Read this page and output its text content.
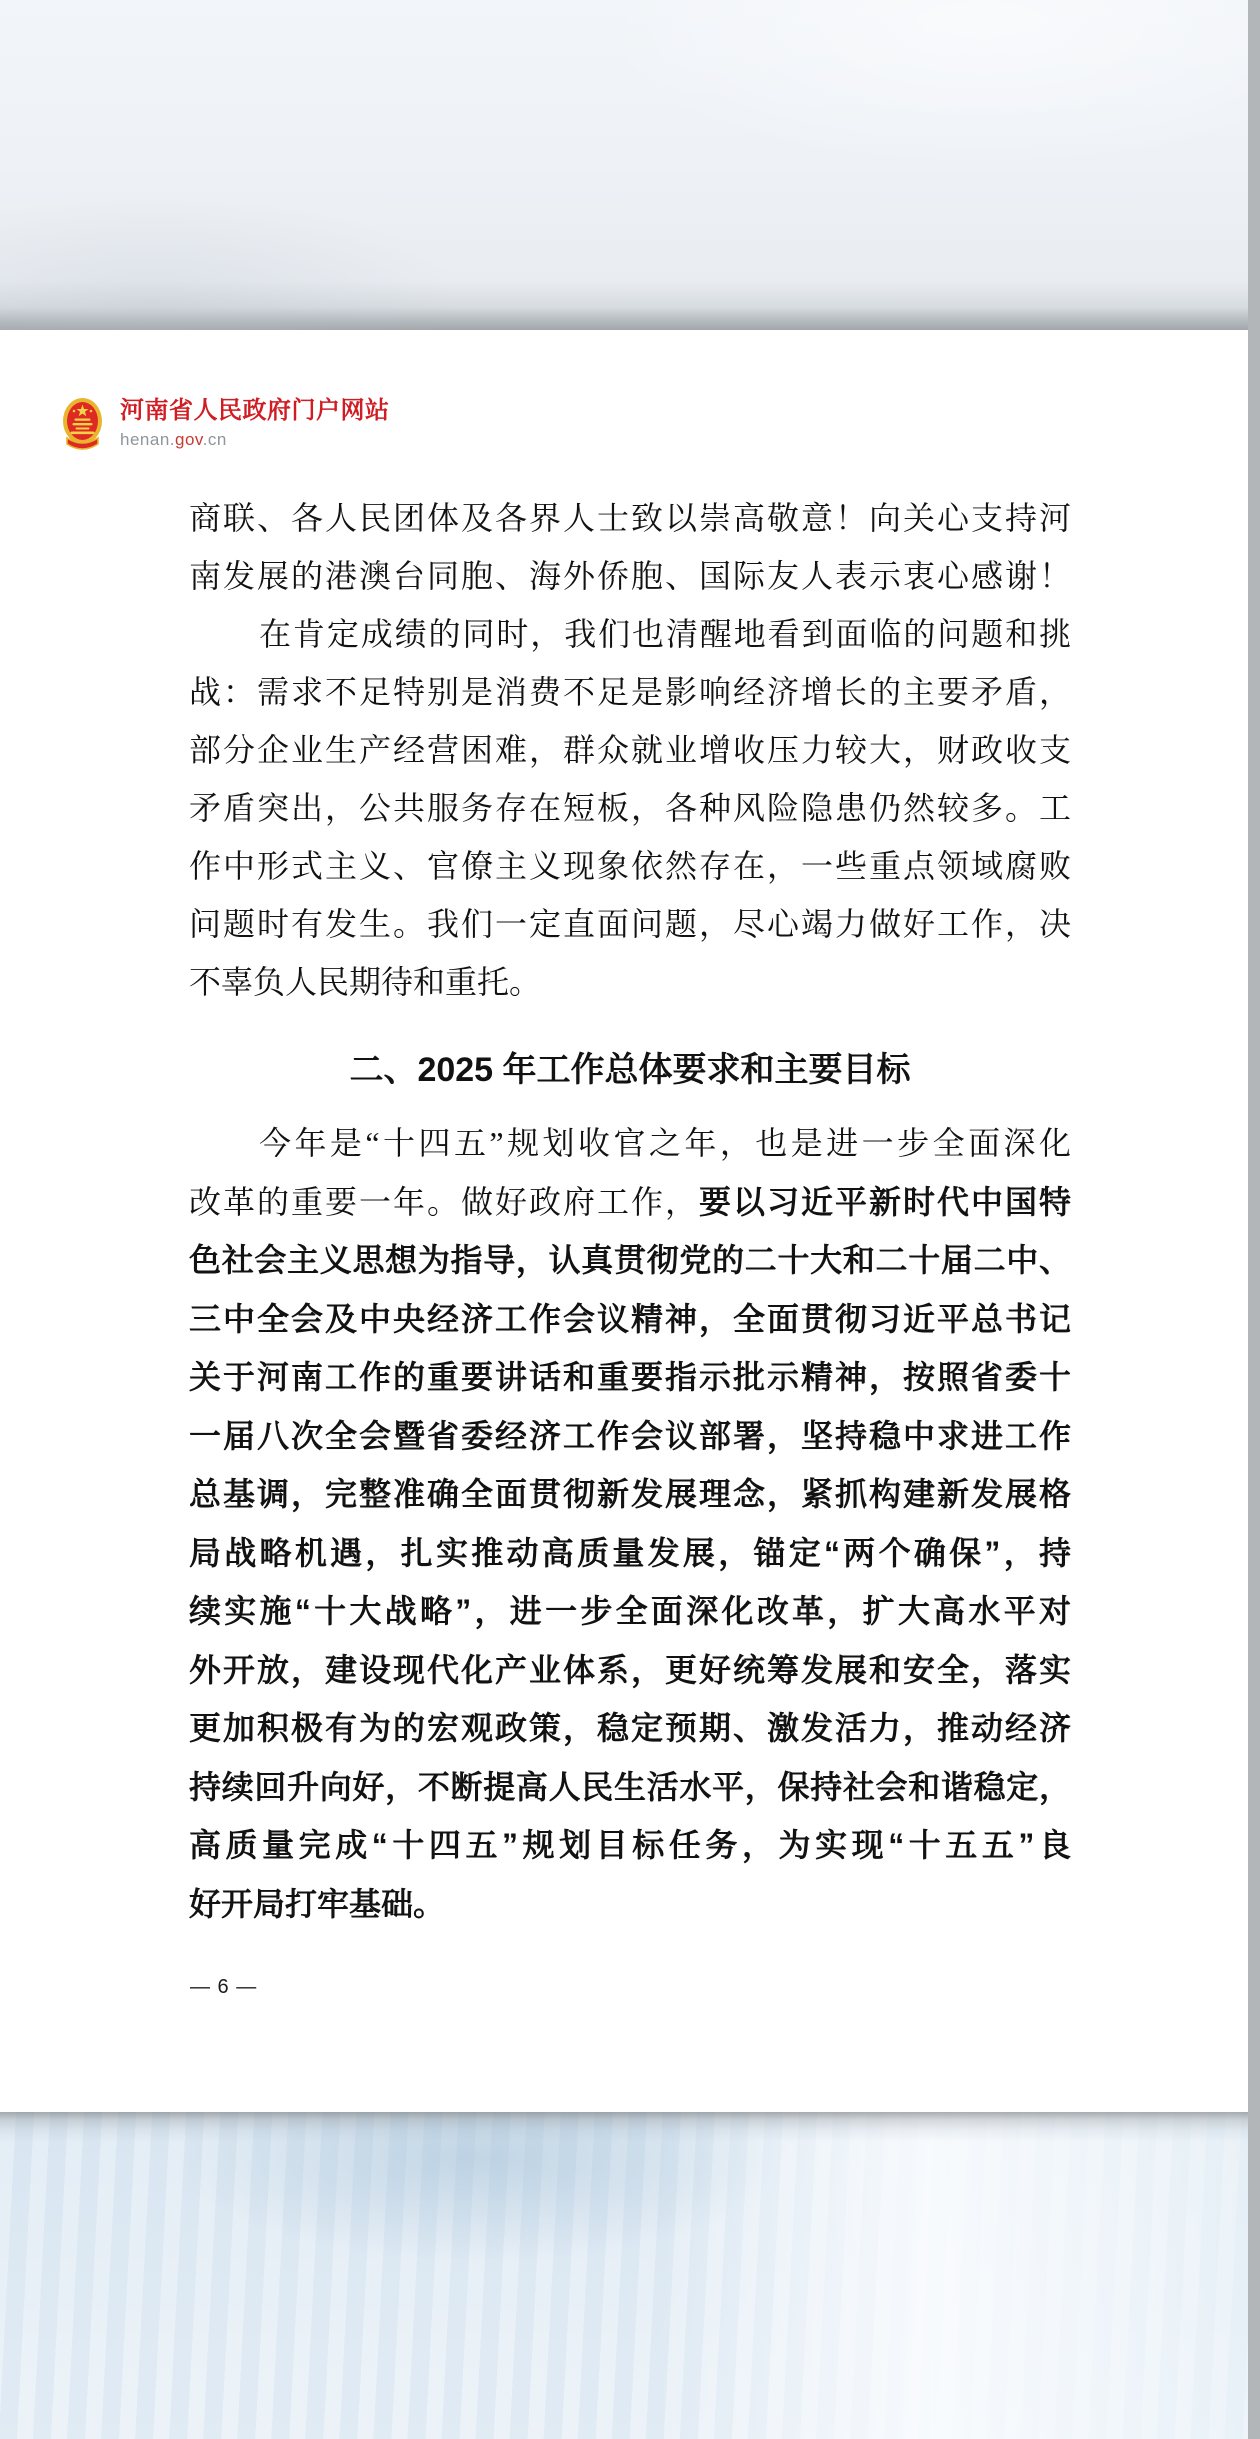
河南省人民政府门户网站
henan.gov.cn
商联、各人民团体及各界人士致以崇高敬意！向关心支持河
南发展的港澳台同胞、海外侨胞、国际友人表示衷心感谢！
在肯定成绩的同时，我们也清醒地看到面临的问题和挑
战：需求不足特别是消费不足是影响经济增长的主要矛盾，
部分企业生产经营困难，群众就业增收压力较大，财政收支
矛盾突出，公共服务存在短板，各种风险隐患仍然较多。工
作中形式主义、官僚主义现象依然存在，一些重点领域腐败
问题时有发生。我们一定直面问题，尽心竭力做好工作，决
不辜负人民期待和重托。
二、2025 年工作总体要求和主要目标
今年是“十四五”规划收官之年，也是进一步全面深化
改革的重要一年。做好政府工作，要以习近平新时代中国特
色社会主义思想为指导，认真贯彻党的二十大和二十届二中、
三中全会及中央经济工作会议精神，全面贯彻习近平总书记
关于河南工作的重要讲话和重要指示批示精神，按照省委十
一届八次全会暨省委经济工作会议部署，坚持稳中求进工作
总基调，完整准确全面贯彻新发展理念，紧抓构建新发展格
局战略机遇，扎实推动高质量发展，锚定“两个确保”，持
续实施“十大战略”，进一步全面深化改革，扩大高水平对
外开放，建设现代化产业体系，更好统筹发展和安全，落实
更加积极有为的宏观政策，稳定预期、激发活力，推动经济
持续回升向好，不断提高人民生活水平，保持社会和谐稳定，
高质量完成“十四五”规划目标任务，为实现“十五五”良
好开局打牢基础。
— 6 —
